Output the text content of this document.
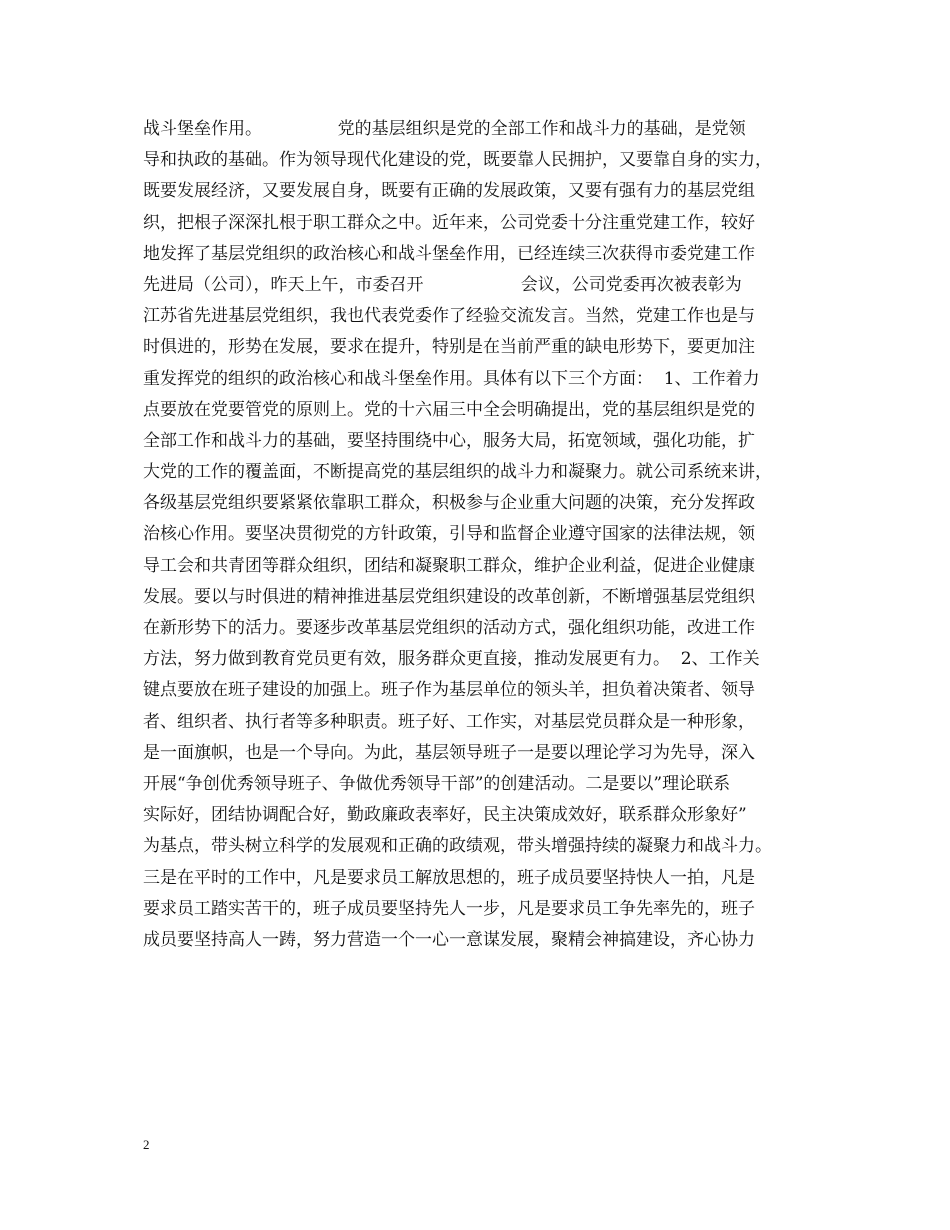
战斗堡垒作用。              党的基层组织是党的全部工作和战斗力的基础，是党领
导和执政的基础。作为领导现代化建设的党，既要靠人民拥护，又要靠自身的实力，
既要发展经济，又要发展自身，既要有正确的发展政策，又要有强有力的基层党组
织，把根子深深扎根于职工群众之中。近年来，公司党委十分注重党建工作，较好
地发挥了基层党组织的政治核心和战斗堡垒作用，已经连续三次获得市委党建工作
先进局（公司），昨天上午，市委召开                  会议，公司党委再次被表彰为
江苏省先进基层党组织，我也代表党委作了经验交流发言。当然，党建工作也是与
时俱进的，形势在发展，要求在提升，特别是在当前严重的缺电形势下，要更加注
重发挥党的组织的政治核心和战斗堡垒作用。具体有以下三个方面：  1、工作着力
点要放在党要管党的原则上。党的十六届三中全会明确提出，党的基层组织是党的
全部工作和战斗力的基础，要坚持围绕中心，服务大局，拓宽领域，强化功能，扩
大党的工作的覆盖面，不断提高党的基层组织的战斗力和凝聚力。就公司系统来讲，
各级基层党组织要紧紧依靠职工群众，积极参与企业重大问题的决策，充分发挥政
治核心作用。要坚决贯彻党的方针政策，引导和监督企业遵守国家的法律法规，领
导工会和共青团等群众组织，团结和凝聚职工群众，维护企业利益，促进企业健康
发展。要以与时俱进的精神推进基层党组织建设的改革创新，不断增强基层党组织
在新形势下的活力。要逐步改革基层党组织的活动方式，强化组织功能，改进工作
方法，努力做到教育党员更有效，服务群众更直接，推动发展更有力。  2、工作关
键点要放在班子建设的加强上。班子作为基层单位的领头羊，担负着决策者、领导
者、组织者、执行者等多种职责。班子好、工作实，对基层党员群众是一种形象，
是一面旗帜，也是一个导向。为此，基层领导班子一是要以理论学习为先导，深入
开展“争创优秀领导班子、争做优秀领导干部”的创建活动。二是要以”理论联系
实际好，团结协调配合好，勤政廉政表率好，民主决策成效好，联系群众形象好”
为基点，带头树立科学的发展观和正确的政绩观，带头增强持续的凝聚力和战斗力。
三是在平时的工作中，凡是要求员工解放思想的，班子成员要坚持快人一拍，凡是
要求员工踏实苦干的，班子成员要坚持先人一步，凡是要求员工争先率先的，班子
成员要坚持高人一踌，努力营造一个一心一意谋发展，聚精会神搞建设，齐心协力
2
